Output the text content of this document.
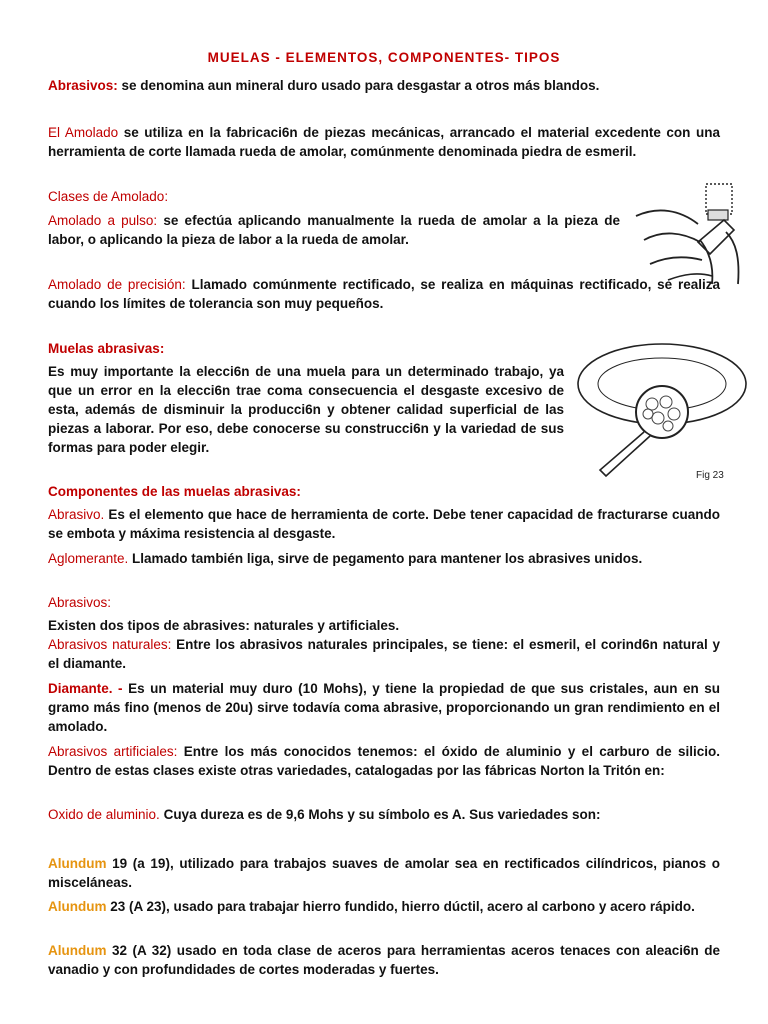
MUELAS - ELEMENTOS, COMPONENTES- TIPOS
Abrasivos: se denomina aun mineral duro usado para desgastar a otros más blandos.
El Amolado se utiliza en la fabricaci6n de piezas mecánicas, arrancado el material excedente con una herramienta de corte llamada rueda de amolar, comúnmente denominada piedra de esmeril.
Clases de Amolado:
Amolado a pulso: se efectúa aplicando manualmente la rueda de amolar a la pieza de labor, o aplicando la pieza de labor a la rueda de amolar.
Amolado de precisión: Llamado comúnmente rectificado, se realiza en máquinas rectificado, se realiza cuando los límites de tolerancia son muy pequeños.
Muelas abrasivas:
Es muy importante la elecci6n de una muela para un determinado trabajo, ya que un error en la elecci6n trae coma consecuencia el desgaste excesivo de esta, además de disminuir la producci6n y obtener calidad superficial de las piezas a laborar. Por eso, debe conocerse su construcci6n y la variedad de sus formas para poder elegir.
Componentes de las muelas abrasivas:
Abrasivo. Es el elemento que hace de herramienta de corte. Debe tener capacidad de fracturarse cuando se embota y máxima resistencia al desgaste.
Aglomerante. Llamado también liga, sirve de pegamento para mantener los abrasives unidos.
Abrasivos:
Existen dos tipos de abrasives: naturales y artificiales.
Abrasivos naturales: Entre los abrasivos naturales principales, se tiene: el esmeril, el corind6n natural y el diamante.
Diamante. - Es un material muy duro (10 Mohs), y tiene la propiedad de que sus cristales, aun en su gramo más fino (menos de 20u) sirve todavía coma abrasive, proporcionando un gran rendimiento en el amolado.
Abrasivos artificiales: Entre los más conocidos tenemos: el óxido de aluminio y el carburo de silicio. Dentro de estas clases existe otras variedades, catalogadas por las fábricas Norton la Tritón en:
Oxido de aluminio. Cuya dureza es de 9,6 Mohs y su símbolo es A. Sus variedades son:
Alundum 19 (a 19), utilizado para trabajos suaves de amolar sea en rectificados cilíndricos, pianos o misceláneas.
Alundum 23 (A 23), usado para trabajar hierro fundido, hierro dúctil, acero al carbono y acero rápido.
Alundum 32 (A 32) usado en toda clase de aceros para herramientas aceros tenaces con aleaci6n de vanadio y con profundidades de cortes moderadas y fuertes.
Fig 23
